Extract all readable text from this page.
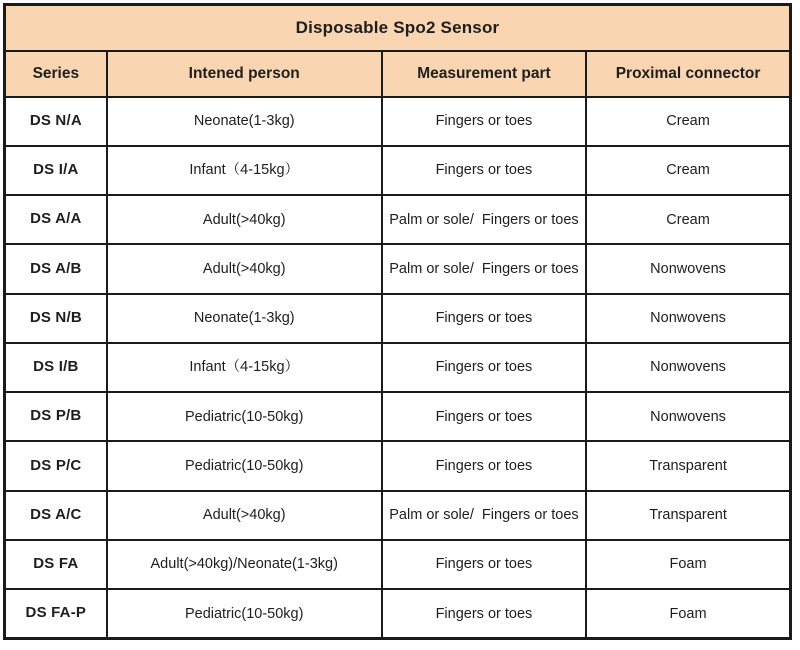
Disposable Spo2 Sensor			
Series	Intened person	Measurement part	Proximal connector
DS N/A	Neonate(1-3kg)	Fingers or toes	Cream
DS I/A	Infant（4-15kg）	Fingers or toes	Cream
DS A/A	Adult(>40kg)	Palm or sole/  Fingers or toes	Cream
DS A/B	Adult(>40kg)	Palm or sole/  Fingers or toes	Nonwovens
DS N/B	Neonate(1-3kg)	Fingers or toes	Nonwovens
DS I/B	Infant（4-15kg）	Fingers or toes	Nonwovens
DS P/B	Pediatric(10-50kg)	Fingers or toes	Nonwovens
DS P/C	Pediatric(10-50kg)	Fingers or toes	Transparent
DS A/C	Adult(>40kg)	Palm or sole/  Fingers or toes	Transparent
DS FA	Adult(>40kg)/Neonate(1-3kg)	Fingers or toes	Foam
DS FA-P	Pediatric(10-50kg)	Fingers or toes	Foam
